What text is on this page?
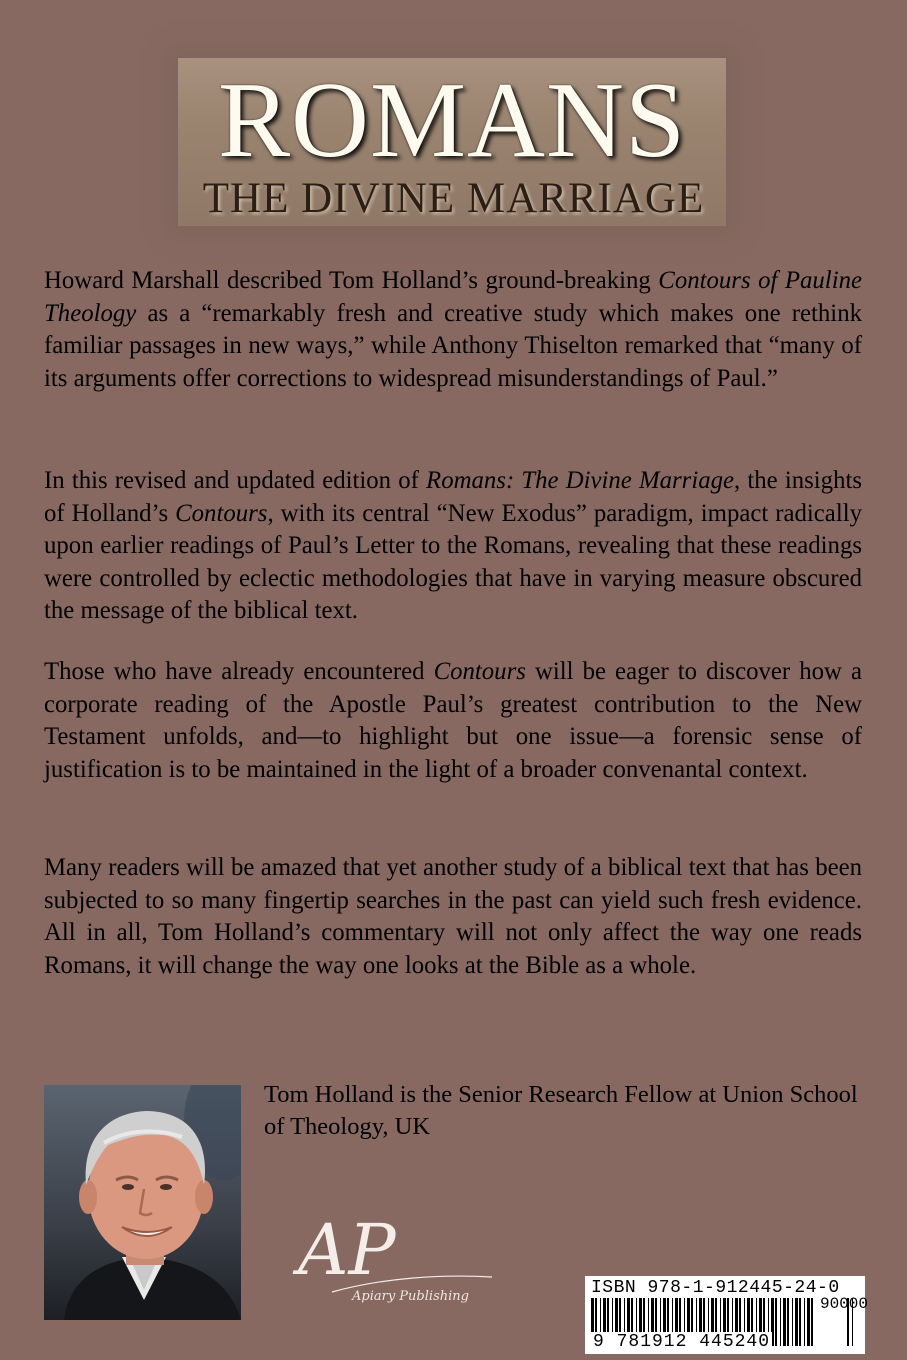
ROMANS
THE DIVINE MARRIAGE

Howard Marshall described Tom Holland’s ground-breaking Contours of Pauline Theology as a “remarkably fresh and creative study which makes one rethink familiar passages in new ways,” while Anthony Thiselton remarked that “many of its arguments offer corrections to widespread misunderstandings of Paul.”

In this revised and updated edition of Romans: The Divine Marriage, the insights of Holland’s Contours, with its central “New Exodus” paradigm, impact radically upon earlier readings of Paul’s Letter to the Romans, revealing that these readings were controlled by eclectic methodologies that have in varying measure obscured the message of the biblical text.

Those who have already encountered Contours will be eager to discover how a corporate reading of the Apostle Paul’s greatest contribution to the New Testament unfolds, and—to highlight but one issue—a forensic sense of justification is to be maintained in the light of a broader convenantal context.

Many readers will be amazed that yet another study of a biblical text that has been subjected to so many fingertip searches in the past can yield such fresh evidence. All in all, Tom Holland’s commentary will not only affect the way one reads Romans, it will change the way one looks at the Bible as a whole.

Tom Holland is the Senior Research Fellow at Union School of Theology, UK

AP
Apiary Publishing	ISBN 978-1-912445-24-0
90000
9 781912 445240
